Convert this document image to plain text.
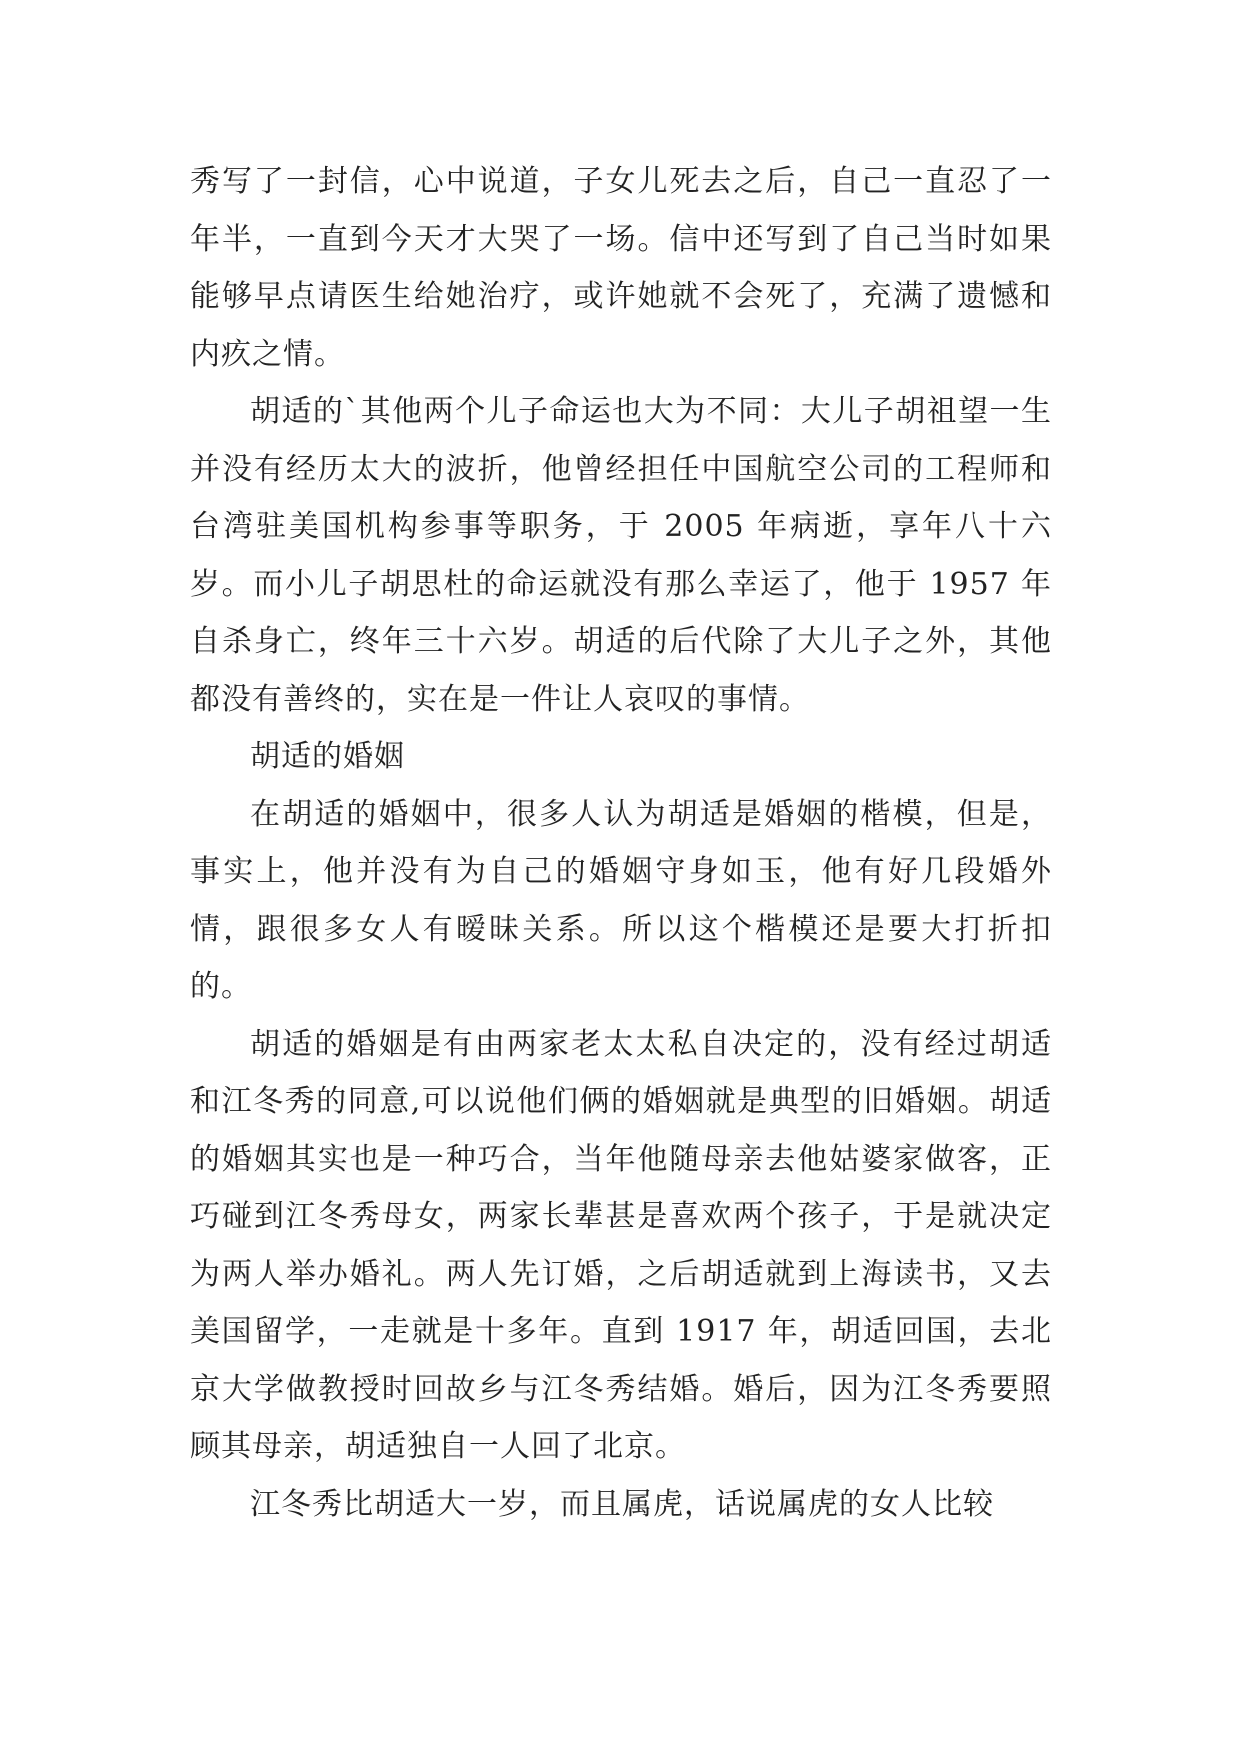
秀写了一封信，心中说道，子女儿死去之后，自己一直忍了一年半，一直到今天才大哭了一场。信中还写到了自己当时如果能够早点请医生给她治疗，或许她就不会死了，充满了遗憾和内疚之情。

胡适的`其他两个儿子命运也大为不同：大儿子胡祖望一生并没有经历太大的波折，他曾经担任中国航空公司的工程师和台湾驻美国机构参事等职务，于 2005 年病逝，享年八十六岁。而小儿子胡思杜的命运就没有那么幸运了，他于 1957 年自杀身亡，终年三十六岁。胡适的后代除了大儿子之外，其他都没有善终的，实在是一件让人哀叹的事情。

胡适的婚姻

在胡适的婚姻中，很多人认为胡适是婚姻的楷模，但是，事实上，他并没有为自己的婚姻守身如玉，他有好几段婚外情，跟很多女人有暧昧关系。所以这个楷模还是要大打折扣的。

胡适的婚姻是有由两家老太太私自决定的，没有经过胡适和江冬秀的同意,可以说他们俩的婚姻就是典型的旧婚姻。胡适的婚姻其实也是一种巧合，当年他随母亲去他姑婆家做客，正巧碰到江冬秀母女，两家长辈甚是喜欢两个孩子，于是就决定为两人举办婚礼。两人先订婚，之后胡适就到上海读书，又去美国留学，一走就是十多年。直到 1917 年，胡适回国，去北京大学做教授时回故乡与江冬秀结婚。婚后，因为江冬秀要照顾其母亲，胡适独自一人回了北京。

江冬秀比胡适大一岁，而且属虎，话说属虎的女人比较
